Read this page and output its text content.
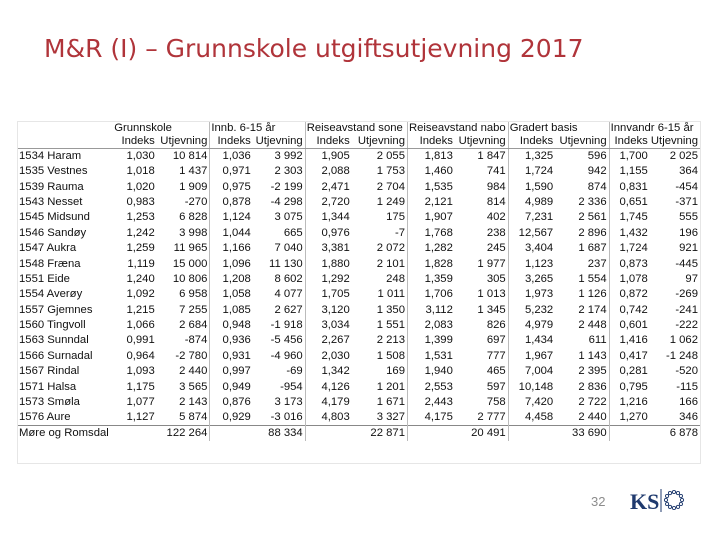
M&R (I) – Grunnskole utgiftsutjevning 2017
	Grunnskole		Innb. 6-15 år		Reiseavstand sone		Reiseavstand nabo		Gradert basis		Innvandr 6-15 år	
	Indeks	Utjevning	Indeks	Utjevning	Indeks	Utjevning	Indeks	Utjevning	Indeks	Utjevning	Indeks	Utjevning
1534 Haram	1,030	10 814	1,036	3 992	1,905	2 055	1,813	1 847	1,325	596	1,700	2 025
1535 Vestnes	1,018	1 437	0,971	2 303	2,088	1 753	1,460	741	1,724	942	1,155	364
1539 Rauma	1,020	1 909	0,975	-2 199	2,471	2 704	1,535	984	1,590	874	0,831	-454
1543 Nesset	0,983	-270	0,878	-4 298	2,720	1 249	2,121	814	4,989	2 336	0,651	-371
1545 Midsund	1,253	6 828	1,124	3 075	1,344	175	1,907	402	7,231	2 561	1,745	555
1546 Sandøy	1,242	3 998	1,044	665	0,976	-7	1,768	238	12,567	2 896	1,432	196
1547 Aukra	1,259	11 965	1,166	7 040	3,381	2 072	1,282	245	3,404	1 687	1,724	921
1548 Fræna	1,119	15 000	1,096	11 130	1,880	2 101	1,828	1 977	1,123	237	0,873	-445
1551 Eide	1,240	10 806	1,208	8 602	1,292	248	1,359	305	3,265	1 554	1,078	97
1554 Averøy	1,092	6 958	1,058	4 077	1,705	1 011	1,706	1 013	1,973	1 126	0,872	-269
1557 Gjemnes	1,215	7 255	1,085	2 627	3,120	1 350	3,112	1 345	5,232	2 174	0,742	-241
1560 Tingvoll	1,066	2 684	0,948	-1 918	3,034	1 551	2,083	826	4,979	2 448	0,601	-222
1563 Sunndal	0,991	-874	0,936	-5 456	2,267	2 213	1,399	697	1,434	611	1,416	1 062
1566 Surnadal	0,964	-2 780	0,931	-4 960	2,030	1 508	1,531	777	1,967	1 143	0,417	-1 248
1567 Rindal	1,093	2 440	0,997	-69	1,342	169	1,940	465	7,004	2 395	0,281	-520
1571 Halsa	1,175	3 565	0,949	-954	4,126	1 201	2,553	597	10,148	2 836	0,795	-115
1573 Smøla	1,077	2 143	0,876	3 173	4,179	1 671	2,443	758	7,420	2 722	1,216	166
1576 Aure	1,127	5 874	0,929	-3 016	4,803	3 327	4,175	2 777	4,458	2 440	1,270	346
Møre og Romsdal		122 264		88 334		22 871		20 491		33 690		6 878
32 KS
